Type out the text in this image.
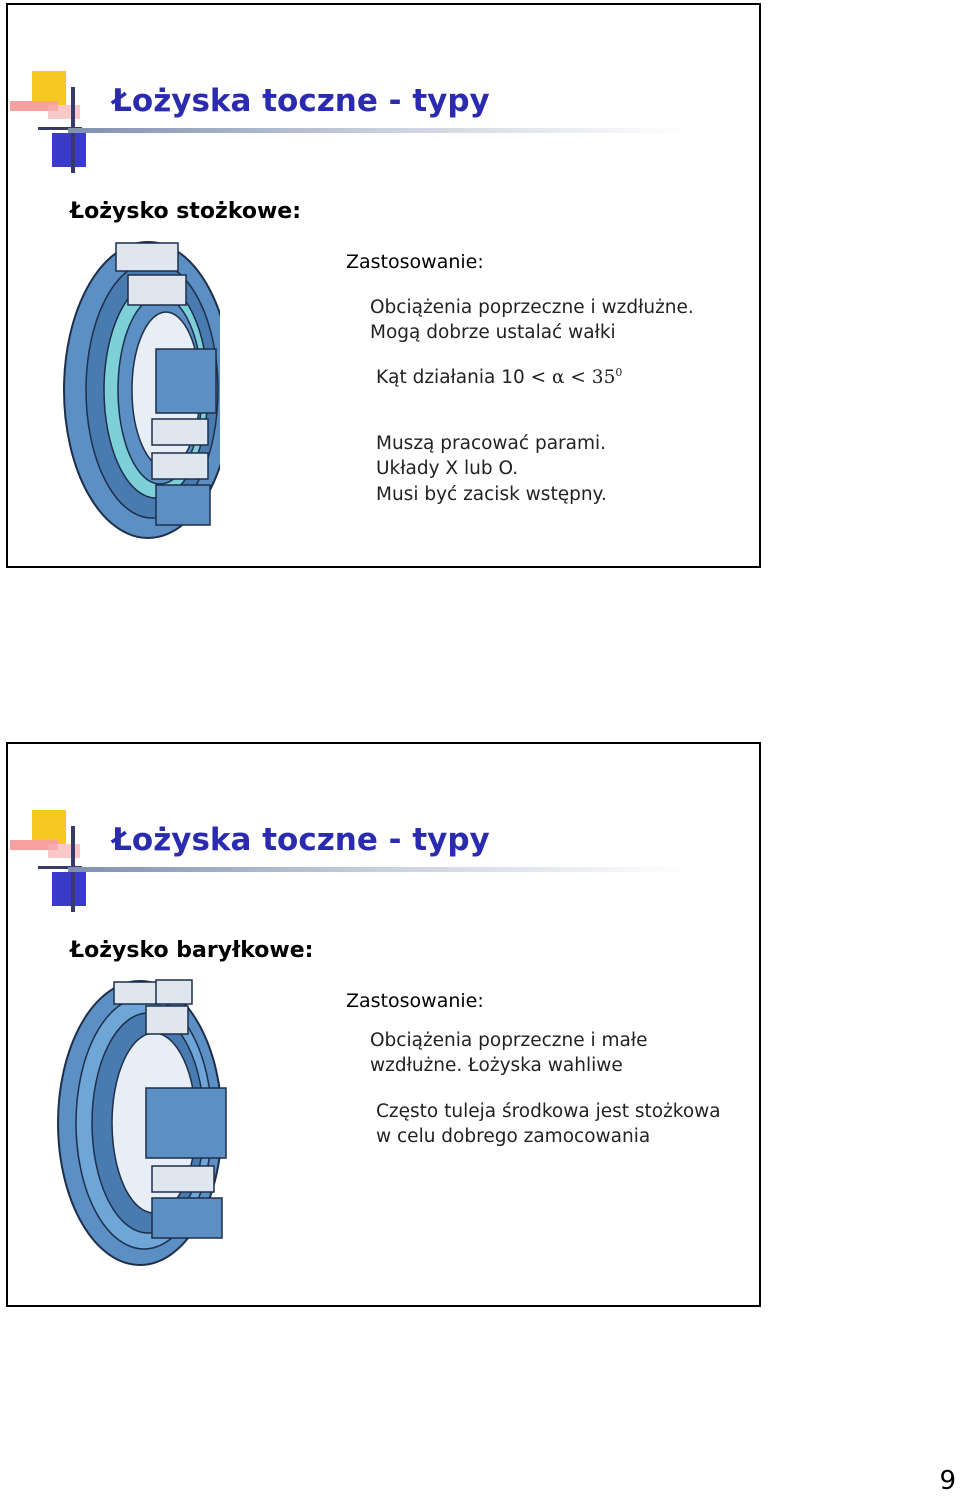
Łożyska toczne - typy
Łożysko stożkowe:
Zastosowanie:
Obciążenia poprzeczne i wzdłużne.
Mogą dobrze ustalać wałki
Kąt działania $10 < \alpha < 35^0$
Muszą pracować parami.
Układy X lub O.
Musi być zacisk wstępny.
Łożyska toczne - typy
Łożysko baryłkowe:
Zastosowanie:
Obciążenia poprzeczne i małe
wzdłużne. Łożyska wahliwe
Często tuleja środkowa jest stożkowa
w celu dobrego zamocowania
9
